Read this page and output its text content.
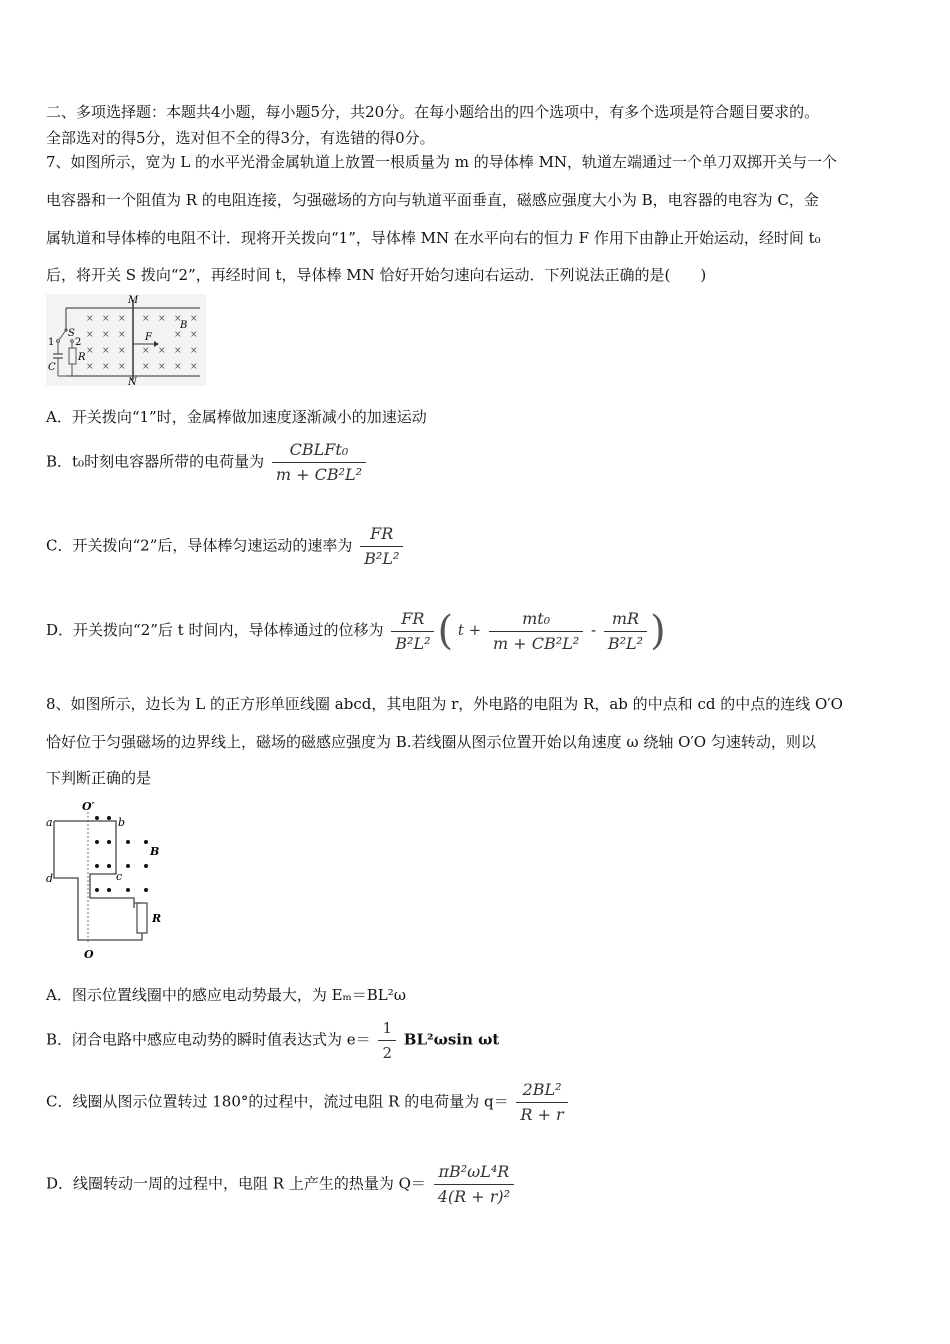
二、多项选择题：本题共4小题，每小题5分，共20分。在每小题给出的四个选项中，有多个选项是符合题目要求的。
全部选对的得5分，选对但不全的得3分，有选错的得0分。
7、如图所示，宽为 L 的水平光滑金属轨道上放置一根质量为 m 的导体棒 MN，轨道左端通过一个单刀双掷开关与一个
电容器和一个阻值为 R 的电阻连接，匀强磁场的方向与轨道平面垂直，磁感应强度大小为 B，电容器的电容为 C，金
属轨道和导体棒的电阻不计．现将开关拨向“1”，导体棒 MN 在水平向右的恒力 F 作用下由静止开始运动，经时间 t₀
后，将开关 S 拨向“2”，再经时间 t，导体棒 MN 恰好开始匀速向右运动．下列说法正确的是(　　)
M
N
F
B
× × × × × × ×
× × ×	× ×
× × × × × × ×
× × × × × × ×
S
1 2
C
R
A．开关拨向“1”时，金属棒做加速度逐渐减小的加速运动
B．t₀时刻电容器所带的电荷量为 $\frac{\text{CBLFt₀}}{\text{m + CB²L²}}$
C．开关拨向“2”后，导体棒匀速运动的速率为 $\frac{FR}{\text{B²L²}}$
D．开关拨向“2”后 t 时间内，导体棒通过的位移为 $\frac{FR}{\text{B²L²}}$ ( $t + \frac{\text{mt₀}}{\text{m + CB²L²}} - \frac{mR}{\text{B²L²}}$ )
8、如图所示，边长为 L 的正方形单匝线圈 abcd，其电阻为 r，外电路的电阻为 R，ab 的中点和 cd 的中点的连线 O′O
恰好位于匀强磁场的边界线上，磁场的磁感应强度为 B.若线圈从图示位置开始以角速度 ω 绕轴 O′O 匀速转动，则以
下判断正确的是
O′
O
R
a	b
c
d
B
A．图示位置线圈中的感应电动势最大，为 Eₘ＝BL²ω
B．闭合电路中感应电动势的瞬时值表达式为 $e= \frac{1}{2} BL^2\omega\sin$ ωt
C．线圈从图示位置转过 180°的过程中，流过电阻 R 的电荷量为 $q= \frac{\text{2BL²}}{R + r}$
D．线圈转动一周的过程中，电阻 R 上产生的热量为 $Q= \frac{\text{πB²ωL⁴R}}{\text{4(R + r)²}}$
